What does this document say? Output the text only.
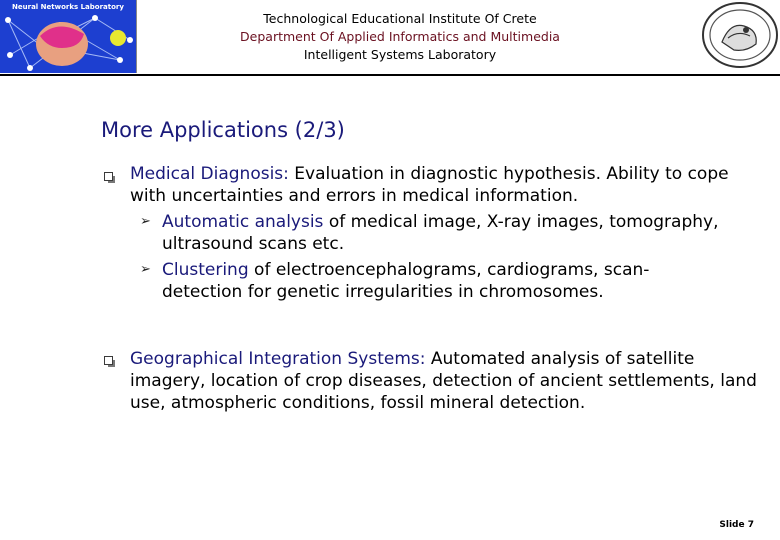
Neural Networks Laboratory
Technological Educational Institute Of Crete
Department Of Applied Informatics and Multimedia
Intelligent Systems Laboratory
More Applications (2/3)
Medical Diagnosis: Evaluation in diagnostic hypothesis. Ability to cope with uncertainties and errors in medical information.
➢ Automatic analysis of medical image, X-ray images, tomography, ultrasound scans etc.
➢ Clustering of electroencephalograms, cardiograms, scan-detection for genetic irregularities in chromosomes.
Geographical Integration Systems: Automated analysis of satellite imagery, location of crop diseases, detection of ancient settlements, land use, atmospheric conditions, fossil mineral detection.
Slide 7
